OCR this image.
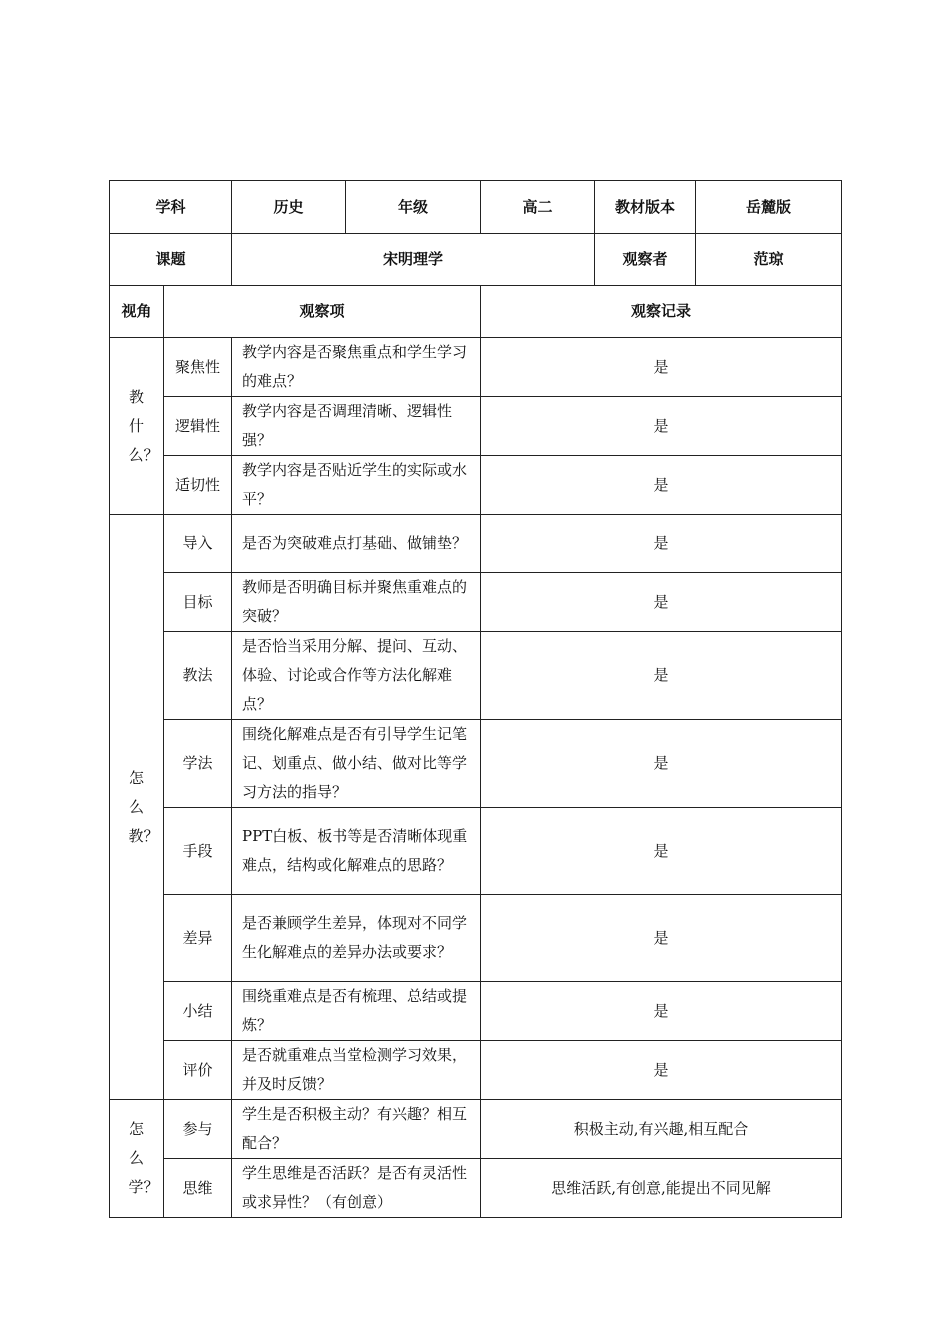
学科		历史	年级	高二	教材版本	岳麓版
课题		宋明理学			观察者	范琼
视角	观察项			观察记录		
教什么？	聚焦性	教学内容是否聚焦重点和学生学习的难点？		是		
	逻辑性	教学内容是否调理清晰、逻辑性强？		是		
	适切性	教学内容是否贴近学生的实际或水平？		是		
怎么教？	导入	是否为突破难点打基础、做铺垫？		是		
	目标	教师是否明确目标并聚焦重难点的突破？		是		
	教法	是否恰当采用分解、提问、互动、体验、讨论或合作等方法化解难点？		是		
	学法	围绕化解难点是否有引导学生记笔记、划重点、做小结、做对比等学习方法的指导？		是		
	手段	PPT白板、板书等是否清晰体现重难点，结构或化解难点的思路？		是		
	差异	是否兼顾学生差异，体现对不同学生化解难点的差异办法或要求？		是		
	小结	围绕重难点是否有梳理、总结或提炼？		是		
	评价	是否就重难点当堂检测学习效果，并及时反馈？		是		
怎么学？	参与	学生是否积极主动？有兴趣？相互配合？		积极主动,有兴趣,相互配合		
	思维	学生思维是否活跃？是否有灵活性或求异性？（有创意）		思维活跃,有创意,能提出不同见解		
